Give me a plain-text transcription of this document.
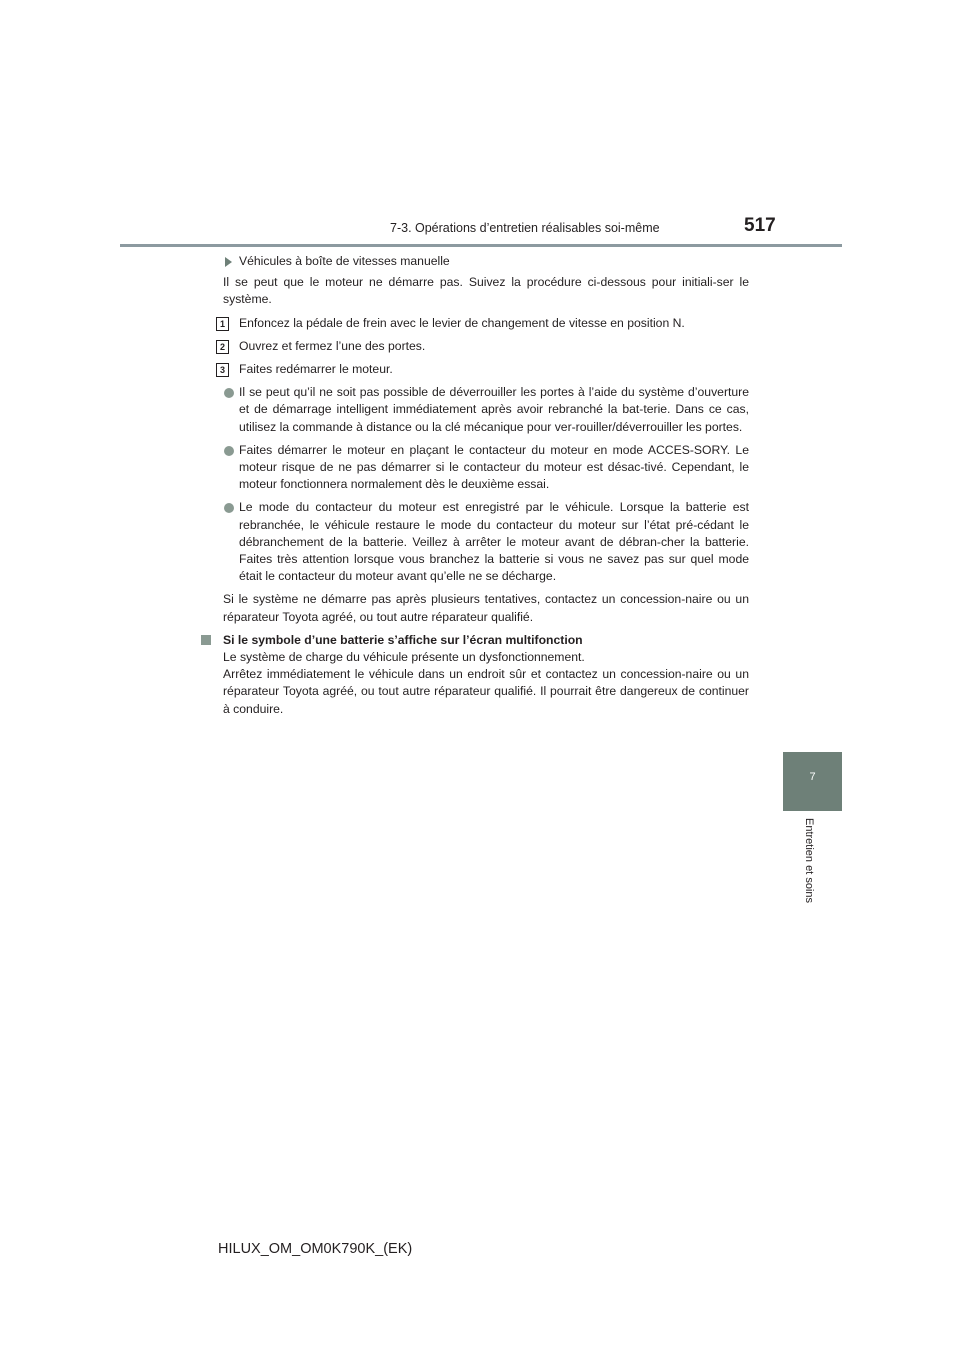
7-3. Opérations d’entretien réalisables soi-même	517
7
Entretien et soins
Véhicules à boîte de vitesses manuelle

Il se peut que le moteur ne démarre pas. Suivez la procédure ci-dessous pour initiali-ser le système.

1	Enfoncez la pédale de frein avec le levier de changement de vitesse en position N.
2	Ouvrez et fermez l’une des portes.
3	Faites redémarrer le moteur.
Il se peut qu’il ne soit pas possible de déverrouiller les portes à l’aide du système d’ouverture et de démarrage intelligent immédiatement après avoir rebranché la bat-terie. Dans ce cas, utilisez la commande à distance ou la clé mécanique pour ver-rouiller/déverrouiller les portes.
Faites démarrer le moteur en plaçant le contacteur du moteur en mode ACCES-SORY. Le moteur risque de ne pas démarrer si le contacteur du moteur est désac-tivé. Cependant, le moteur fonctionnera normalement dès le deuxième essai.
Le mode du contacteur du moteur est enregistré par le véhicule. Lorsque la batterie est rebranchée, le véhicule restaure le mode du contacteur du moteur sur l’état pré-cédant le débranchement de la batterie. Veillez à arrêter le moteur avant de débran-cher la batterie. Faites très attention lorsque vous branchez la batterie si vous ne savez pas sur quel mode était le contacteur du moteur avant qu’elle ne se décharge.

Si le système ne démarre pas après plusieurs tentatives, contactez un concession-naire ou un réparateur Toyota agréé, ou tout autre réparateur qualifié.

Si le symbole d’une batterie s’affiche sur l’écran multifonction

Le système de charge du véhicule présente un dysfonctionnement.

Arrêtez immédiatement le véhicule dans un endroit sûr et contactez un concession-naire ou un réparateur Toyota agréé, ou tout autre réparateur qualifié. Il pourrait être dangereux de continuer à conduire.

HILUX_OM_OM0K790K_(EK)
